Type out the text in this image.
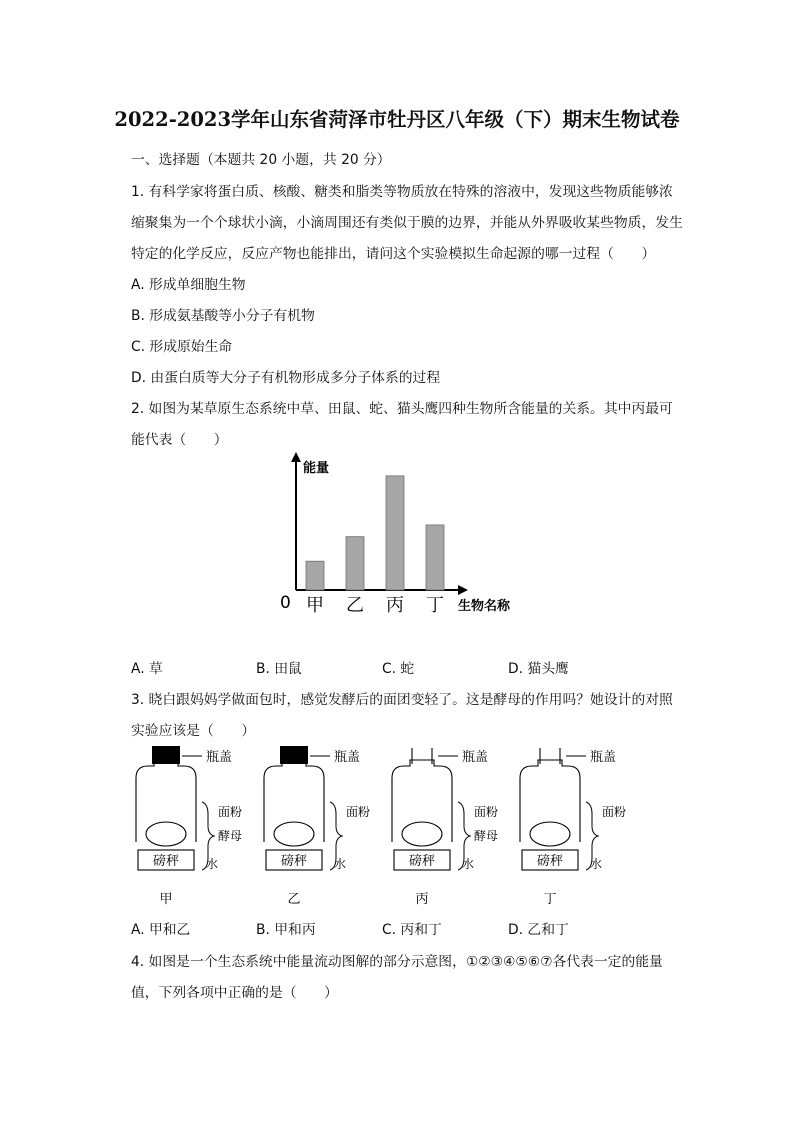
2022-2023学年山东省菏泽市牡丹区八年级（下）期末生物试卷
一、选择题（本题共 20 小题，共 20 分）
1. 有科学家将蛋白质、核酸、糖类和脂类等物质放在特殊的溶液中，发现这些物质能够浓
缩聚集为一个个球状小滴，小滴周围还有类似于膜的边界，并能从外界吸收某些物质，发生
特定的化学反应，反应产物也能排出，请问这个实验模拟生命起源的哪一过程（　　）
A. 形成单细胞生物
B. 形成氨基酸等小分子有机物
C. 形成原始生命
D. 由蛋白质等大分子有机物形成多分子体系的过程
2. 如图为某草原生态系统中草、田鼠、蛇、猫头鹰四种生物所含能量的关系。其中丙最可
能代表（　　）
能量
0	生物名称
甲 乙 丙 丁
A. 草	B. 田鼠	C. 蛇	D. 猫头鹰
3. 晓白跟妈妈学做面包时，感觉发酵后的面团变轻了。这是酵母的作用吗？她设计的对照
实验应该是（　　）
瓶盖
面粉
酵母
水
磅秤
甲
瓶盖
面粉
水
磅秤
乙
瓶盖
面粉
酵母
水
磅秤
丙
瓶盖
面粉
水
磅秤
丁
A. 甲和乙	B. 甲和丙	C. 丙和丁	D. 乙和丁
4. 如图是一个生态系统中能量流动图解的部分示意图，①②③④⑤⑥⑦各代表一定的能量
值，下列各项中正确的是（　　）
